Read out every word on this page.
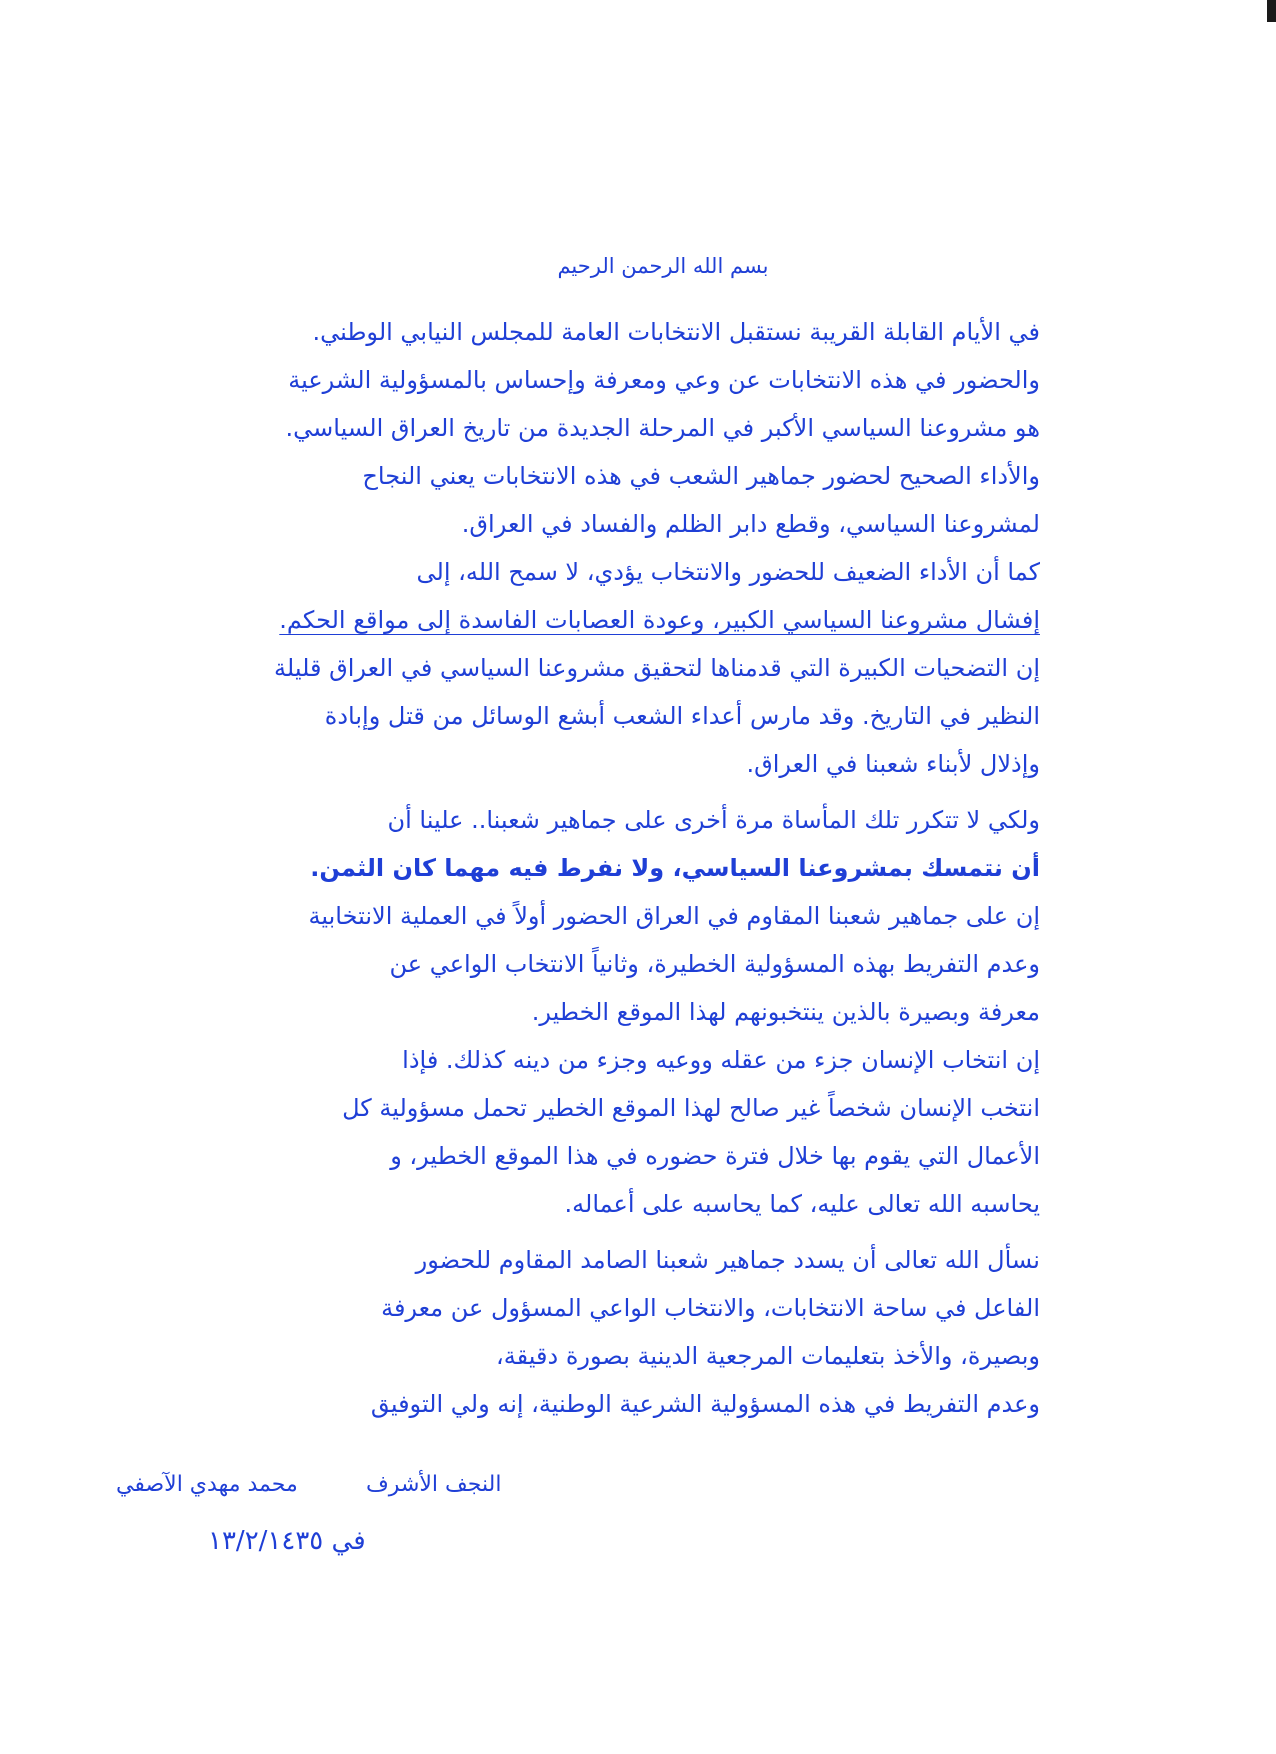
بسم الله الرحمن الرحيم
في الأيام القابلة القريبة نستقبل الانتخابات العامة للمجلس النيابي الوطني.
والحضور في هذه الانتخابات عن وعي ومعرفة وإحساس بالمسؤولية الشرعية
هو مشروعنا السياسي الأكبر في المرحلة الجديدة من تاريخ العراق السياسي.
والأداء الصحيح لحضور جماهير الشعب في هذه الانتخابات يعني النجاح
لمشروعنا السياسي، وقطع دابر الظلم والفساد في العراق.
كما أن الأداء الضعيف للحضور والانتخاب يؤدي، لا سمح الله، إلى
إفشال مشروعنا السياسي الكبير، وعودة العصابات الفاسدة إلى مواقع الحكم.
إن التضحيات الكبيرة التي قدمناها لتحقيق مشروعنا السياسي في العراق قليلة
النظير في التاريخ. وقد مارس أعداء الشعب أبشع الوسائل من قتل وإبادة
وإذلال لأبناء شعبنا في العراق.
ولكي لا تتكرر تلك المأساة مرة أخرى على جماهير شعبنا.. علينا أن
أن نتمسك بمشروعنا السياسي، ولا نفرط فيه مهما كان الثمن.
إن على جماهير شعبنا المقاوم في العراق الحضور أولاً في العملية الانتخابية
وعدم التفريط بهذه المسؤولية الخطيرة، وثانياً الانتخاب الواعي عن
معرفة وبصيرة بالذين ينتخبونهم لهذا الموقع الخطير.
إن انتخاب الإنسان جزء من عقله ووعيه وجزء من دينه كذلك. فإذا
انتخب الإنسان شخصاً غير صالح لهذا الموقع الخطير تحمل مسؤولية كل
الأعمال التي يقوم بها خلال فترة حضوره في هذا الموقع الخطير، و
يحاسبه الله تعالى عليه، كما يحاسبه على أعماله.
نسأل الله تعالى أن يسدد جماهير شعبنا الصامد المقاوم للحضور
الفاعل في ساحة الانتخابات، والانتخاب الواعي المسؤول عن معرفة
وبصيرة، والأخذ بتعليمات المرجعية الدينية بصورة دقيقة،
وعدم التفريط في هذه المسؤولية الشرعية الوطنية، إنه ولي التوفيق
محمد مهدي الآصفي	النجف الأشرف
في ١٣/٢/١٤٣٥
